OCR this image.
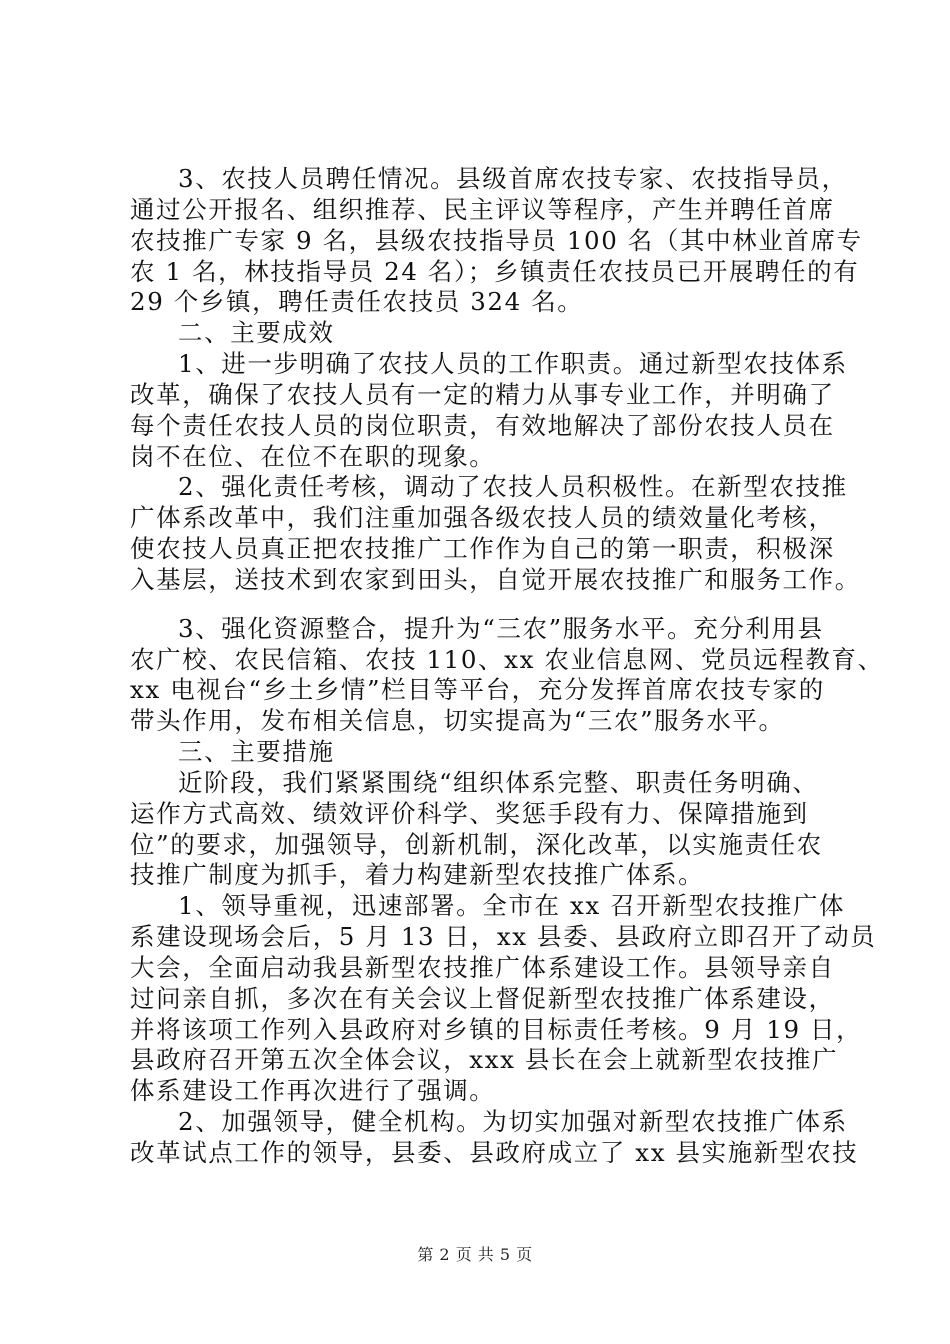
3、农技人员聘任情况。县级首席农技专家、农技指导员，
通过公开报名、组织推荐、民主评议等程序，产生并聘任首席
农技推广专家 9 名，县级农技指导员 100 名（其中林业首席专
农 1 名，林技指导员 24 名）；乡镇责任农技员已开展聘任的有
29 个乡镇，聘任责任农技员 324 名。
二、主要成效
1、进一步明确了农技人员的工作职责。通过新型农技体系
改革，确保了农技人员有一定的精力从事专业工作，并明确了
每个责任农技人员的岗位职责，有效地解决了部份农技人员在
岗不在位、在位不在职的现象。
2、强化责任考核，调动了农技人员积极性。在新型农技推
广体系改革中，我们注重加强各级农技人员的绩效量化考核，
使农技人员真正把农技推广工作作为自己的第一职责，积极深
入基层，送技术到农家到田头，自觉开展农技推广和服务工作。
3、强化资源整合，提升为“三农”服务水平。充分利用县
农广校、农民信箱、农技 110、xx 农业信息网、党员远程教育、
xx 电视台“乡土乡情”栏目等平台，充分发挥首席农技专家的
带头作用，发布相关信息，切实提高为“三农”服务水平。
三、主要措施
近阶段，我们紧紧围绕“组织体系完整、职责任务明确、
运作方式高效、绩效评价科学、奖惩手段有力、保障措施到
位”的要求，加强领导，创新机制，深化改革，以实施责任农
技推广制度为抓手，着力构建新型农技推广体系。
1、领导重视，迅速部署。全市在 xx 召开新型农技推广体
系建设现场会后，5 月 13 日，xx 县委、县政府立即召开了动员
大会，全面启动我县新型农技推广体系建设工作。县领导亲自
过问亲自抓，多次在有关会议上督促新型农技推广体系建设，
并将该项工作列入县政府对乡镇的目标责任考核。9 月 19 日，
县政府召开第五次全体会议，xxx 县长在会上就新型农技推广
第 2 页 共 5 页
体系建设工作再次进行了强调。
2、加强领导，健全机构。为切实加强对新型农技推广体系
改革试点工作的领导，县委、县政府成立了 xx 县实施新型农技
